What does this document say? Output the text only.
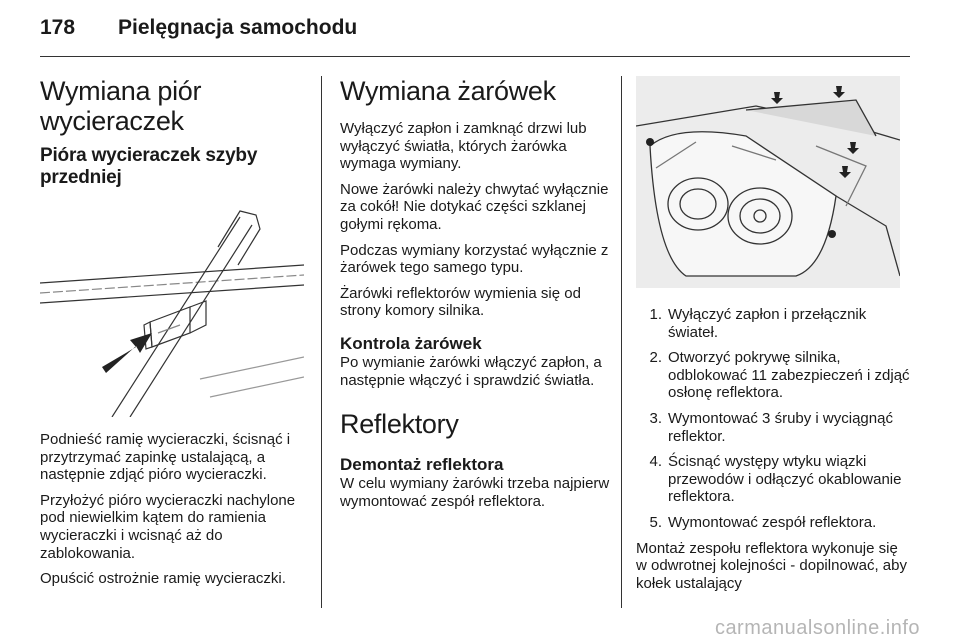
178 Pielęgnacja samochodu
Wymiana piór wycieraczek
Pióra wycieraczek szyby przedniej

Podnieść ramię wycieraczki, ścisnąć i przytrzymać zapinkę ustalającą, a następnie zdjąć pióro wycieraczki.

Przyłożyć pióro wycieraczki nachylone pod niewielkim kątem do ramienia wycieraczki i wcisnąć aż do zablokowania.

Opuścić ostrożnie ramię wycieraczki.

Wymiana żarówek

Wyłączyć zapłon i zamknąć drzwi lub wyłączyć światła, których żarówka wymaga wymiany.

Nowe żarówki należy chwytać wyłącznie za cokół! Nie dotykać części szklanej gołymi rękoma.

Podczas wymiany korzystać wyłącznie z żarówek tego samego typu.

Żarówki reflektorów wymienia się od strony komory silnika.

Kontrola żarówek

Po wymianie żarówki włączyć zapłon, a następnie włączyć i sprawdzić światła.

Reflektory
Demontaż reflektora

W celu wymiany żarówki trzeba najpierw wymontować zespół reflektora.

1. Wyłączyć zapłon i przełącznik świateł.
2. Otworzyć pokrywę silnika, odblokować 11 zabezpieczeń i zdjąć osłonę reflektora.
3. Wymontować 3 śruby i wyciągnąć reflektor.
4. Ścisnąć występy wtyku wiązki przewodów i odłączyć okablowanie reflektora.
5. Wymontować zespół reflektora.

Montaż zespołu reflektora wykonuje się w odwrotnej kolejności - dopilnować, aby kołek ustalający

carmanualsonline.info
